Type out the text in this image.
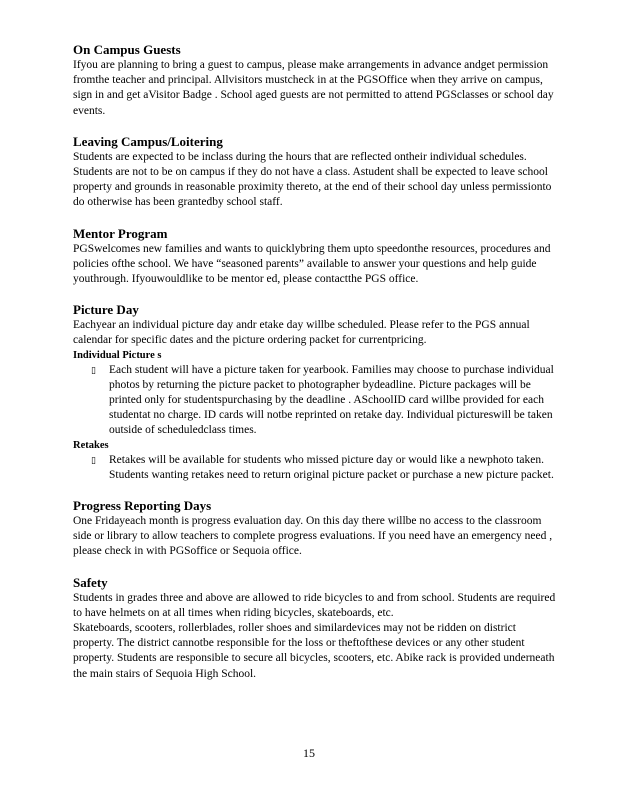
On Campus Guests

Ifyou are planning to bring a guest to campus, please make arrangements in advance andget permission fromthe teacher and principal. Allvisitors mustcheck in at the PGSOffice when they arrive on campus, sign in and get aVisitor Badge . School aged guests are not permitted to attend PGSclasses or school day events.

Leaving Campus/Loitering

Students are expected to be inclass during the hours that are reflected ontheir individual schedules. Students are not to be on campus if they do not have a class. Astudent shall be expected to leave school property and grounds in reasonable proximity thereto, at the end of their school day unless permissionto do otherwise has been grantedby school staff.

Mentor Program

PGSwelcomes new families and wants to quicklybring them upto speedonthe resources, procedures and policies ofthe school. We have “seasoned parents” available to answer your questions and help guide youthrough. Ifyouwouldlike to be mentor ed, please contactthe PGS office.

Picture Day

Eachyear an individual picture day andr etake day willbe scheduled. Please refer to the PGS annual calendar for specific dates and the picture ordering packet for currentpricing.

Individual Picture s
▯	Each student will have a picture taken for yearbook. Families may choose to purchase individual photos by returning the picture packet to photographer bydeadline. Picture packages will be printed only for studentspurchasing by the deadline . ASchoolID card willbe provided for each studentat no charge. ID cards will notbe reprinted on retake day. Individual pictureswill be taken outside of scheduledclass times.
Retakes
▯	Retakes will be available for students who missed picture day or would like a newphoto taken. Students wanting retakes need to return original picture packet or purchase a new picture packet.
Progress Reporting Days

One Fridayeach month is progress evaluation day. On this day there willbe no access to the classroom side or library to allow teachers to complete progress evaluations. If you need have an emergency need , please check in with PGSoffice or Sequoia office.

Safety

Students in grades three and above are allowed to ride bicycles to and from school. Students are required to have helmets on at all times when riding bicycles, skateboards, etc.

Skateboards, scooters, rollerblades, roller shoes and similardevices may not be ridden on district property. The district cannotbe responsible for the loss or theftofthese devices or any other student property. Students are responsible to secure all bicycles, scooters, etc. Abike rack is provided underneath the main stairs of Sequoia High School.

15
